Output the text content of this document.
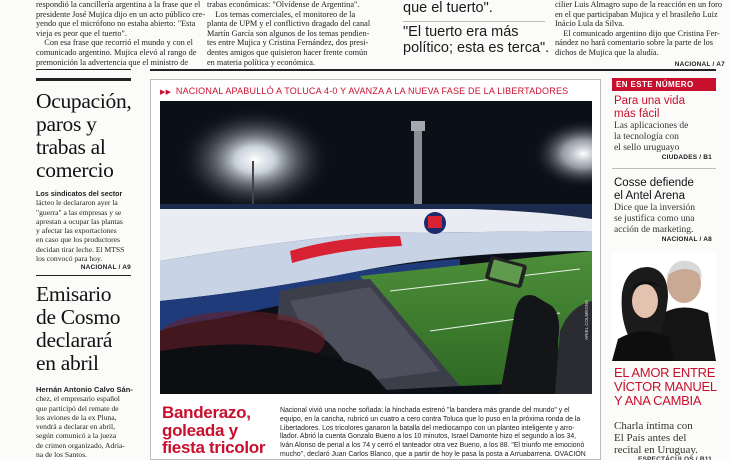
respondió la cancillería argentina a la frase que el
presidente José Mujica dijo en un acto público cre-
yendo que el micrófono no estaba abierto: "Esta
vieja es peor que el tuerto".
Con esa frase que recorrió el mundo y con el
comunicado argentino. Mujica elevó al rango de
premonición la advertencia que el ministro de
trabas económicas: "Olvídense de Argentina".
Los temas comerciales, el monitoreo de la
planta de UPM y el conflictivo dragado del canal
Martín García son algunos de los temas pendien-
tes entre Mujica y Cristina Fernández, dos presi-
dentes amigos que quisieron hacer frente común
en materia política y económica.
que el tuerto".
"El tuerto era más
político; esta es terca".
cilier Luis Almagro supo de la reacción en un foro
en el que participaban Mujica y el brasileño Luiz
Inácio Lula da Silva.
El comunicado argentino dijo que Cristina Fer-
nández no hará comentario sobre la parte de los
dichos de Mujica que la aludía.
NACIONAL / A7
Ocupación,
paros y
trabas al
comercio
Los sindicatos del sector
lácteo le declararon ayer la
"guerra" a las empresas y se
aprestan a ocupar las plantas
y afectar las exportaciones
en caso que los productores
decidan tirar leche. El MTSS
los convocó para hoy.
NACIONAL / A9
Emisario
de Cosmo
declarará
en abril
Hernán Antonio Calvo Sán-
chez, el empresario español
que participó del remate de
los aviones de la ex Pluna,
vendrá a declarar en abril,
según comunicó a la jueza
de crimen organizado, Adria-
na de los Santos.
▶▶ NACIONAL APABULLÓ A TOLUCA 4-0 Y AVANZA A LA NUEVA FASE DE LA LIBERTADORES
ARIEL COLMEGNA
Banderazo,
goleada y
fiesta tricolor
Nacional vivió una noche soñada: la hinchada estrenó "la bandera más grande del mundo" y el
equipo, en la cancha, rubricó un cuatro a cero contra Toluca que lo puso en la próxima ronda de la
Libertadores. Los tricolores ganaron la batalla del mediocampo con un planteo inteligente y arro-
llador. Abrió la cuenta Gonzalo Bueno a los 10 minutos, Israel Damonte hizo el segundo a los 34,
Iván Alonso de penal a los 74 y cerró el tanteador otra vez Bueno, a los 88. "El triunfo me emocionó
mucho", declaró Juan Carlos Blanco, que a partir de hoy le pasa la posta a Arruabarrena. OVACIÓN
EN ESTE NÚMERO
Para una vida
más fácil
Las aplicaciones de
la tecnología con
el sello uruguayo
CIUDADES / B1
Cosse defiende
el Antel Arena
Dice que la inversión
se justifica como una
acción de marketing.
NACIONAL / A8
EL AMOR ENTRE
VÍCTOR MANUEL
Y ANA CAMBIA
Charla íntima con
El País antes del
recital en Uruguay.
ESPECTÁCULOS / B11
